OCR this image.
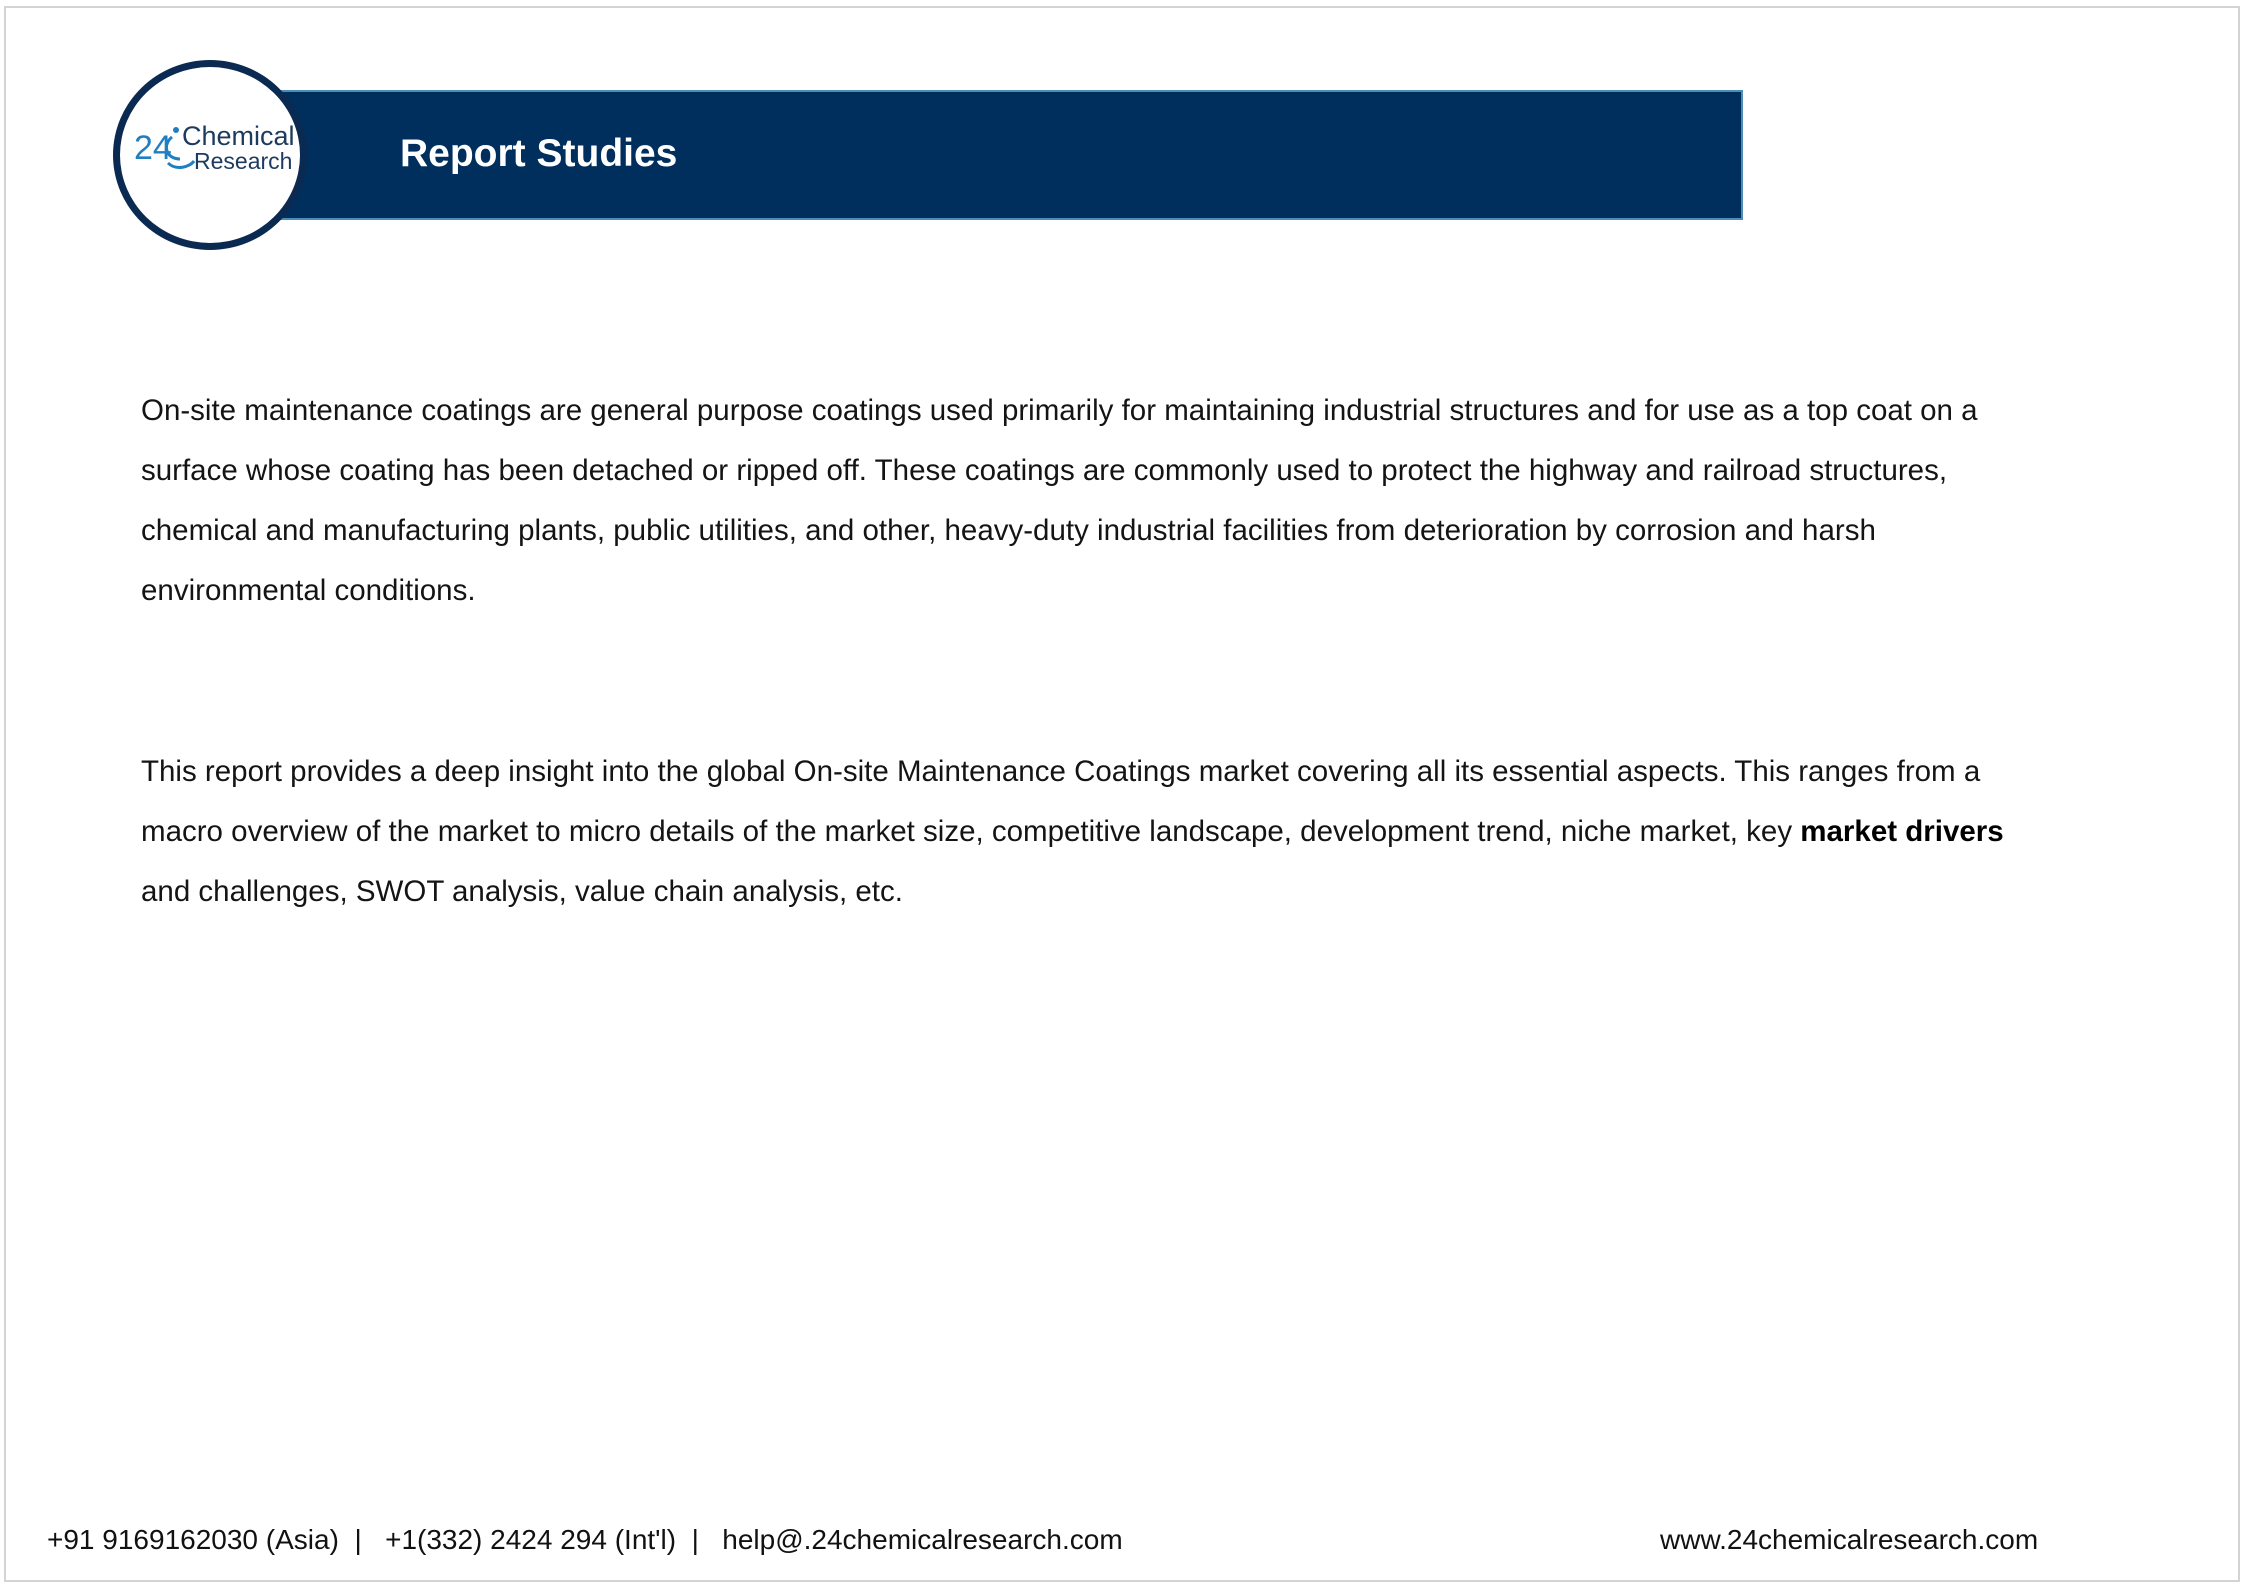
Report Studies
24 Chemical
Research

On-site maintenance coatings are general purpose coatings used primarily for maintaining industrial structures and for use as a top coat on a surface whose coating has been detached or ripped off. These coatings are commonly used to protect the highway and railroad structures, chemical and manufacturing plants, public utilities, and other, heavy-duty industrial facilities from deterioration by corrosion and harsh environmental conditions.

This report provides a deep insight into the global On-site Maintenance Coatings market covering all its essential aspects. This ranges from a macro overview of the market to micro details of the market size, competitive landscape, development trend, niche market, key market drivers and challenges, SWOT analysis, value chain analysis, etc.

+91 9169162030 (Asia) | +1(332) 2424 294 (Int'l) | help@.24chemicalresearch.com	www.24chemicalresearch.com
